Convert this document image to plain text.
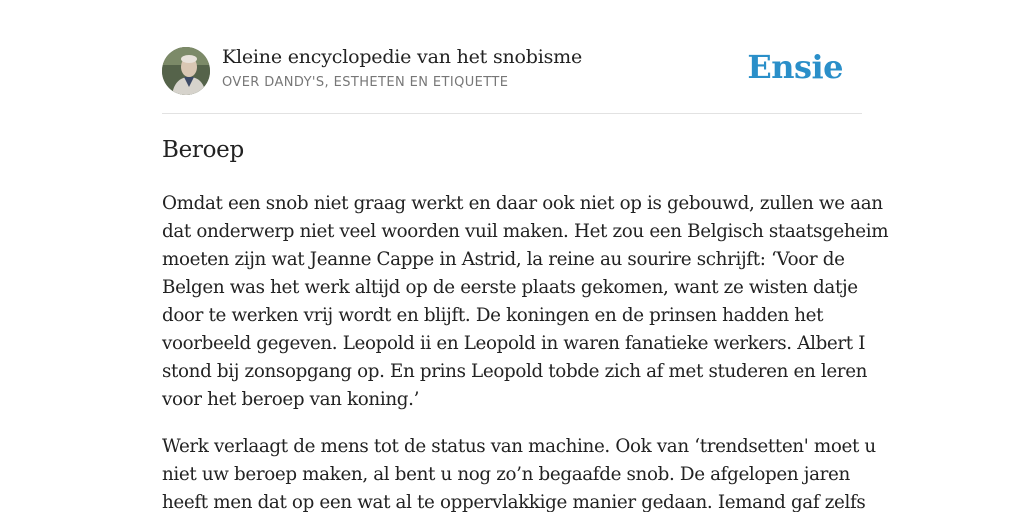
Kleine encyclopedie van het snobisme
OVER DANDY'S, ESTHETEN EN ETIQUETTE	Ensie
Beroep

Omdat een snob niet graag werkt en daar ook niet op is gebouwd, zullen we aan
dat onderwerp niet veel woorden vuil maken. Het zou een Belgisch staatsgeheim
moeten zijn wat Jeanne Cappe in Astrid, la reine au sourire schrijft: ‘Voor de
Belgen was het werk altijd op de eerste plaats gekomen, want ze wisten datje
door te werken vrij wordt en blijft. De koningen en de prinsen hadden het
voorbeeld gegeven. Leopold ii en Leopold in waren fanatieke werkers. Albert I
stond bij zonsopgang op. En prins Leopold tobde zich af met studeren en leren
voor het beroep van koning.’

Werk verlaagt de mens tot de status van machine. Ook van ‘trendsetten' moet u
niet uw beroep maken, al bent u nog zo’n begaafde snob. De afgelopen jaren
heeft men dat op een wat al te oppervlakkige manier gedaan. Iemand gaf zelfs
